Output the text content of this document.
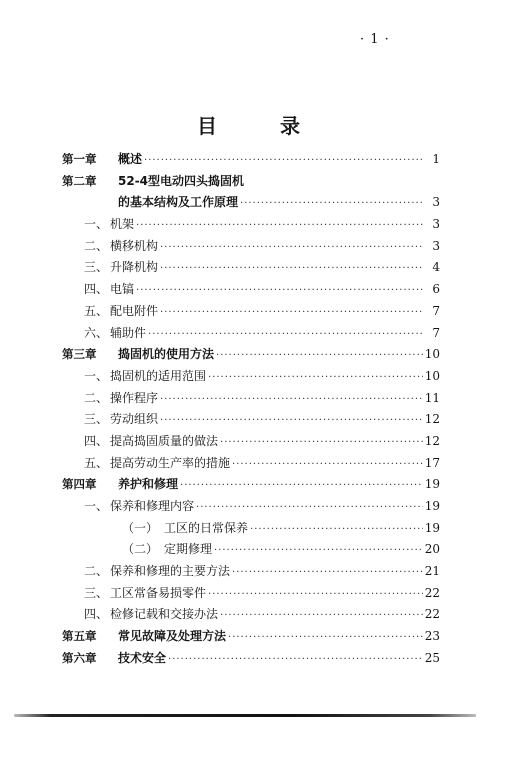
· 1 ·
目 录
第一章	概述 ·····	1
第二章	52-4型电动四头捣固机
的基本结构及工作原理 ·····	3
一、 机架 ·····	3
二、 横移机构 ·····	3
三、 升降机构 ·····	4
四、 电镐 ·····	6
五、 配电附件 ·····	7
六、 辅助件 ·····	7
第三章	捣固机的使用方法 ·····	10
一、 捣固机的适用范围 ·····	10
二、 操作程序 ·····	11
三、 劳动组织 ·····	12
四、 提高捣固质量的做法 ·····	12
五、 提高劳动生产率的措施 ·····	17
第四章	养护和修理 ·····	19
一、 保养和修理内容 ·····	19
（一） 工区的日常保养 ·····	19
（二） 定期修理 ·····	20
二、 保养和修理的主要方法 ·····	21
三、 工区常备易损零件 ·····	22
四、 检修记载和交接办法 ·····	22
第五章	常见故障及处理方法 ·····	23
第六章	技术安全 ·····	25
